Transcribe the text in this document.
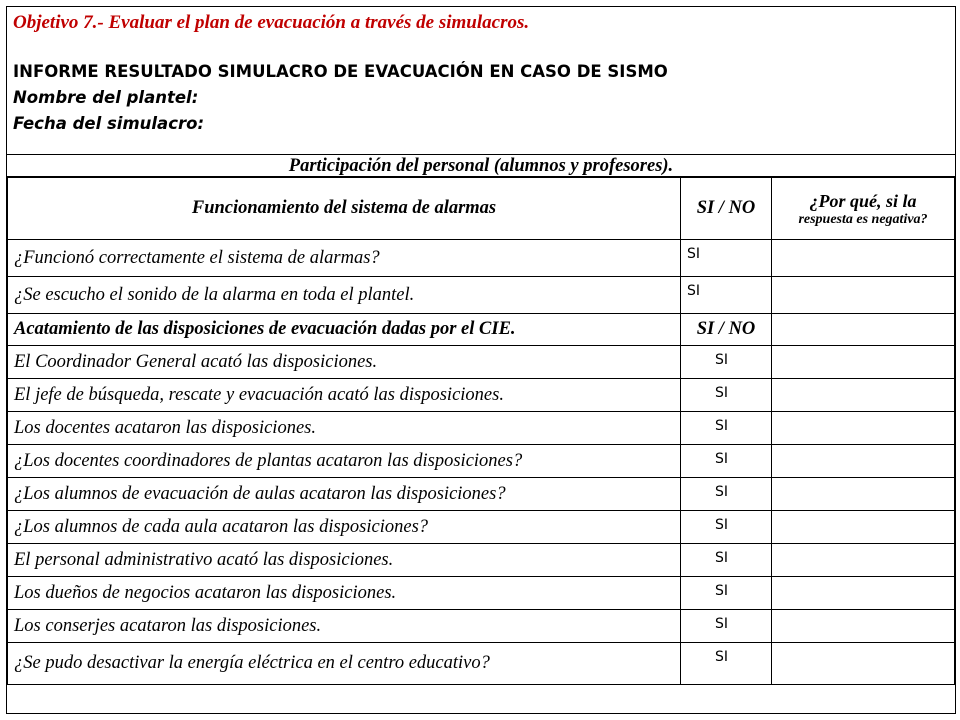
Objetivo 7.- Evaluar el plan de evacuación a través de simulacros.
INFORME RESULTADO SIMULACRO DE EVACUACIÓN EN CASO DE SISMO
Nombre del plantel:
Fecha del simulacro:
Participación del personal (alumnos y profesores).
Funcionamiento del sistema de alarmas	SI / NO	¿Por qué, si la
respuesta es negativa?

¿Funcionó correctamente el sistema de alarmas?	SI	
¿Se escucho el sonido de la alarma en toda el plantel.	SI	
Acatamiento de las disposiciones de evacuación dadas por el CIE.	SI / NO	
El Coordinador General acató las disposiciones.	SI	
El jefe de búsqueda, rescate y evacuación acató las disposiciones.	SI	
Los docentes acataron las disposiciones.	SI	
¿Los docentes coordinadores de plantas acataron las disposiciones?	SI	
¿Los alumnos de evacuación de aulas acataron las disposiciones?	SI	
¿Los alumnos de cada aula acataron las disposiciones?	SI	
El personal administrativo acató las disposiciones.	SI	
Los dueños de negocios acataron las disposiciones.	SI	
Los conserjes acataron las disposiciones.	SI	
¿Se pudo desactivar la energía eléctrica en el centro educativo?	SI	
